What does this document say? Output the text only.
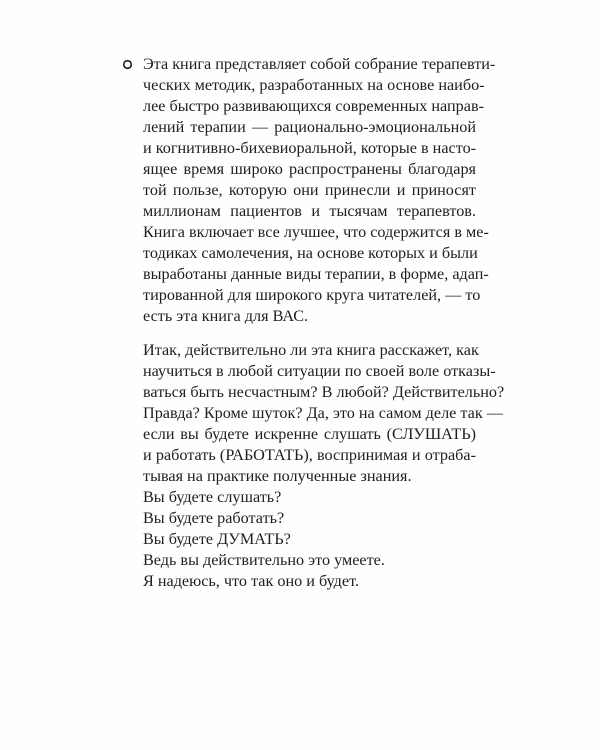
Эта книга представляет собой собрание терапевти-
ческих методик, разработанных на основе наибо-
лее быстро развивающихся современных направ-
лений терапии — рационально-эмоциональной
и когнитивно-бихевиоральной, которые в насто-
ящее время широко распространены благодаря
той пользе, которую они принесли и приносят
миллионам пациентов и тысячам терапевтов.
Книга включает все лучшее, что содержится в ме-
тодиках самолечения, на основе которых и были
выработаны данные виды терапии, в форме, адап-
тированной для широкого круга читателей, — то
есть эта книга для ВАС.
Итак, действительно ли эта книга расскажет, как
научиться в любой ситуации по своей воле отказы-
ваться быть несчастным? В любой? Действительно?
Правда? Кроме шуток? Да, это на самом деле так —
если вы будете искренне слушать (СЛУШАТЬ)
и работать (РАБОТАТЬ), воспринимая и отраба-
тывая на практике полученные знания.
Вы будете слушать?
Вы будете работать?
Вы будете ДУМАТЬ?
Ведь вы действительно это умеете.
Я надеюсь, что так оно и будет.
